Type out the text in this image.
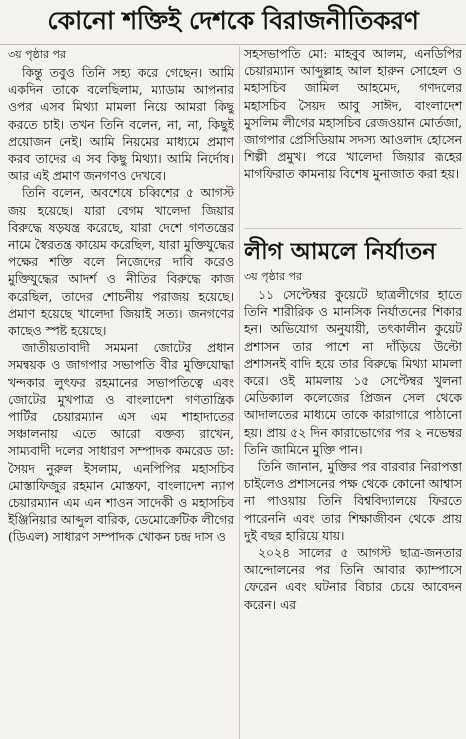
কোনো শক্তিই দেশকে বিরাজনীতিকরণ
৩য় পৃষ্ঠার পর

কিন্তু তবুও তিনি সহ্য করে গেছেন। আমি একদিন তাকে বলেছিলাম, ম্যাডাম আপনার ওপর এসব মিথ্যা মামলা নিয়ে আমরা কিছু করতে চাই। তখন তিনি বলেন, না, না, কিছুই প্রয়োজন নেই। আমি নিয়মের মাধ্যমে প্রমাণ করব তাদের এ সব কিছু মিথ্যা। আমি নির্দোষ। আর এই প্রমাণ জনগণও দেখবে।

তিনি বলেন, অবশেষে চব্বিশের ৫ আগস্ট জয় হয়েছে। যারা বেগম খালেদা জিয়ার বিরুদ্ধে ষড়যন্ত্র করেছে, যারা দেশে গণতন্ত্রের নামে স্বৈরতন্ত্র কায়েম করেছিল, যারা মুক্তিযুদ্ধের পক্ষের শক্তি বলে নিজেদের দাবি করেও মুক্তিযুদ্ধের আদর্শ ও নীতির বিরুদ্ধে কাজ করেছিল, তাদের শোচনীয় পরাজয় হয়েছে। প্রমাণ হয়েছে খালেদা জিয়াই সত্য। জনগণের কাছেও স্পষ্ট হয়েছে।

জাতীয়তাবাদী সমমনা জোটের প্রধান সমন্বয়ক ও জাগপার সভাপতি বীর মুক্তিযোদ্ধা খন্দকার লুৎফর রহমানের সভাপতিত্বে এবং জোটের মুখপাত্র ও বাংলাদেশ গণতান্ত্রিক পার্টির চেয়ারম্যান এস এম শাহাদাতের সঞ্চালনায় এতে আরো বক্তব্য রাখেন, সাম্যবাদী দলের সাধারণ সম্পাদক কমরেড ডা: সৈয়দ নুরুল ইসলাম, এনপিপির মহাসচিব মোস্তাফিজুর রহমান মোস্তফা, বাংলাদেশ ন্যাপ চেয়ারম্যান এম এন শাওন সাদেকী ও মহাসচিব ইঞ্জিনিয়ার আব্দুল বারিক, ডেমোক্রেটিক লীগের (ডিএল) সাধারণ সম্পাদক খোকন চন্দ্র দাস ও

সহসভাপতি মো: মাহবুব আলম, এনডিপির চেয়ারম্যান আব্দুল্লাহ আল হারুন সোহেল ও মহাসচিব জামিল আহমেদ, গণদলের মহাসচিব সৈয়দ আবু সাঈদ, বাংলাদেশ মুসলিম লীগের মহাসচিব রেজওয়ান মোর্তজা, জাগপার প্রেসিডিয়াম সদস্য আওলাদ হোসেন শিল্পী প্রমুখ। পরে খালেদা জিয়ার রূহের মাগফিরাত কামনায় বিশেষ মুনাজাত করা হয়।

লীগ আমলে নির্যাতন
৩য় পৃষ্ঠার পর

১১ সেপ্টেম্বর কুয়েটে ছাত্রলীগের হাতে তিনি শারীরিক ও মানসিক নির্যাতনের শিকার হন। অভিযোগ অনুযায়ী, তৎকালীন কুয়েট প্রশাসন তার পাশে না দাঁড়িয়ে উল্টো প্রশাসনই বাদি হয়ে তার বিরুদ্ধে মিথ্যা মামলা করে। ওই মামলায় ১৫ সেপ্টেম্বর খুলনা মেডিক্যাল কলেজের প্রিজন সেল থেকে আদালতের মাধ্যমে তাকে কারাগারে পাঠানো হয়। প্রায় ৫২ দিন কারাভোগের পর ২ নভেম্বর তিনি জামিনে মুক্তি পান।

তিনি জানান, মুক্তির পর বারবার নিরাপত্তা চাইলেও প্রশাসনের পক্ষ থেকে কোনো আশ্বাস না পাওয়ায় তিনি বিশ্ববিদ্যালয়ে ফিরতে পারেননি এবং তার শিক্ষাজীবন থেকে প্রায় দুই বছর হারিয়ে যায়।

২০২৪ সালের ৫ আগস্ট ছাত্র-জনতার আন্দোলনের পর তিনি আবার ক্যাম্পাসে ফেরেন এবং ঘটনার বিচার চেয়ে আবেদন করেন। এর
